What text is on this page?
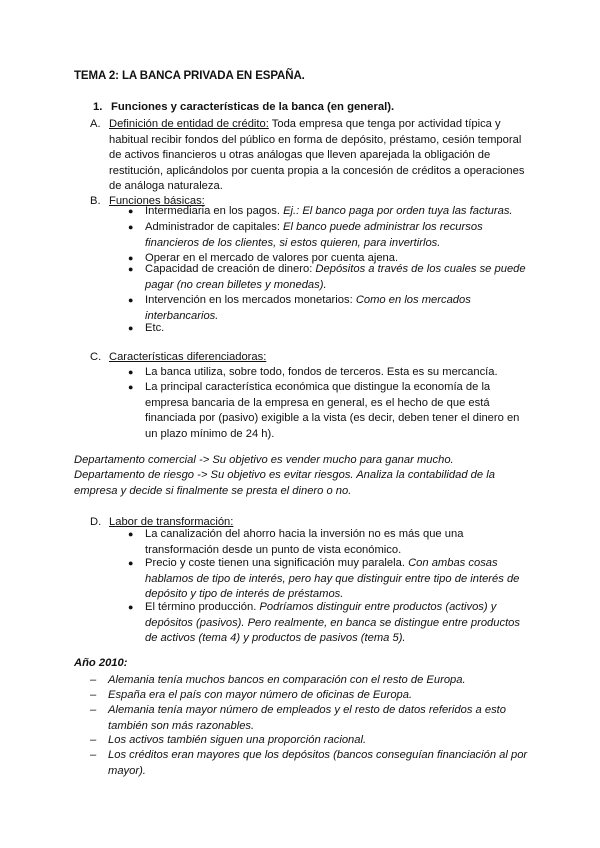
TEMA 2: LA BANCA PRIVADA EN ESPAÑA.
1. Funciones y características de la banca (en general).
A. Definición de entidad de crédito: Toda empresa que tenga por actividad típica y
habitual recibir fondos del público en forma de depósito, préstamo, cesión temporal de activos financieros u otras análogas que lleven aparejada la obligación de restitución, aplicándolos por cuenta propia a la concesión de créditos a operaciones de análoga naturaleza.
B. Funciones básicas:
● Intermediaria en los pagos. Ej.: El banco paga por orden tuya las facturas.
● Administrador de capitales: El banco puede administrar los recursos financieros de los clientes, si estos quieren, para invertirlos.
● Operar en el mercado de valores por cuenta ajena.
● Capacidad de creación de dinero: Depósitos a través de los cuales se puede pagar (no crean billetes y monedas).
● Intervención en los mercados monetarios: Como en los mercados interbancarios.
● Etc.
C. Características diferenciadoras:
● La banca utiliza, sobre todo, fondos de terceros. Esta es su mercancía.
● La principal característica económica que distingue la economía de la empresa bancaria de la empresa en general, es el hecho de que está financiada por (pasivo) exigible a la vista (es decir, deben tener el dinero en un plazo mínimo de 24 h).
Departamento comercial -> Su objetivo es vender mucho para ganar mucho.
Departamento de riesgo -> Su objetivo es evitar riesgos. Analiza la contabilidad de la empresa y decide si finalmente se presta el dinero o no.
D. Labor de transformación:
● La canalización del ahorro hacia la inversión no es más que una transformación desde un punto de vista económico.
● Precio y coste tienen una significación muy paralela. Con ambas cosas hablamos de tipo de interés, pero hay que distinguir entre tipo de interés de depósito y tipo de interés de préstamos.
● El término producción. Podríamos distinguir entre productos (activos) y depósitos (pasivos). Pero realmente, en banca se distingue entre productos de activos (tema 4) y productos de pasivos (tema 5).
Año 2010:
– Alemania tenía muchos bancos en comparación con el resto de Europa.
– España era el país con mayor número de oficinas de Europa.
– Alemania tenía mayor número de empleados y el resto de datos referidos a esto también son más razonables.
– Los activos también siguen una proporción racional.
– Los créditos eran mayores que los depósitos (bancos conseguían financiación al por mayor).
